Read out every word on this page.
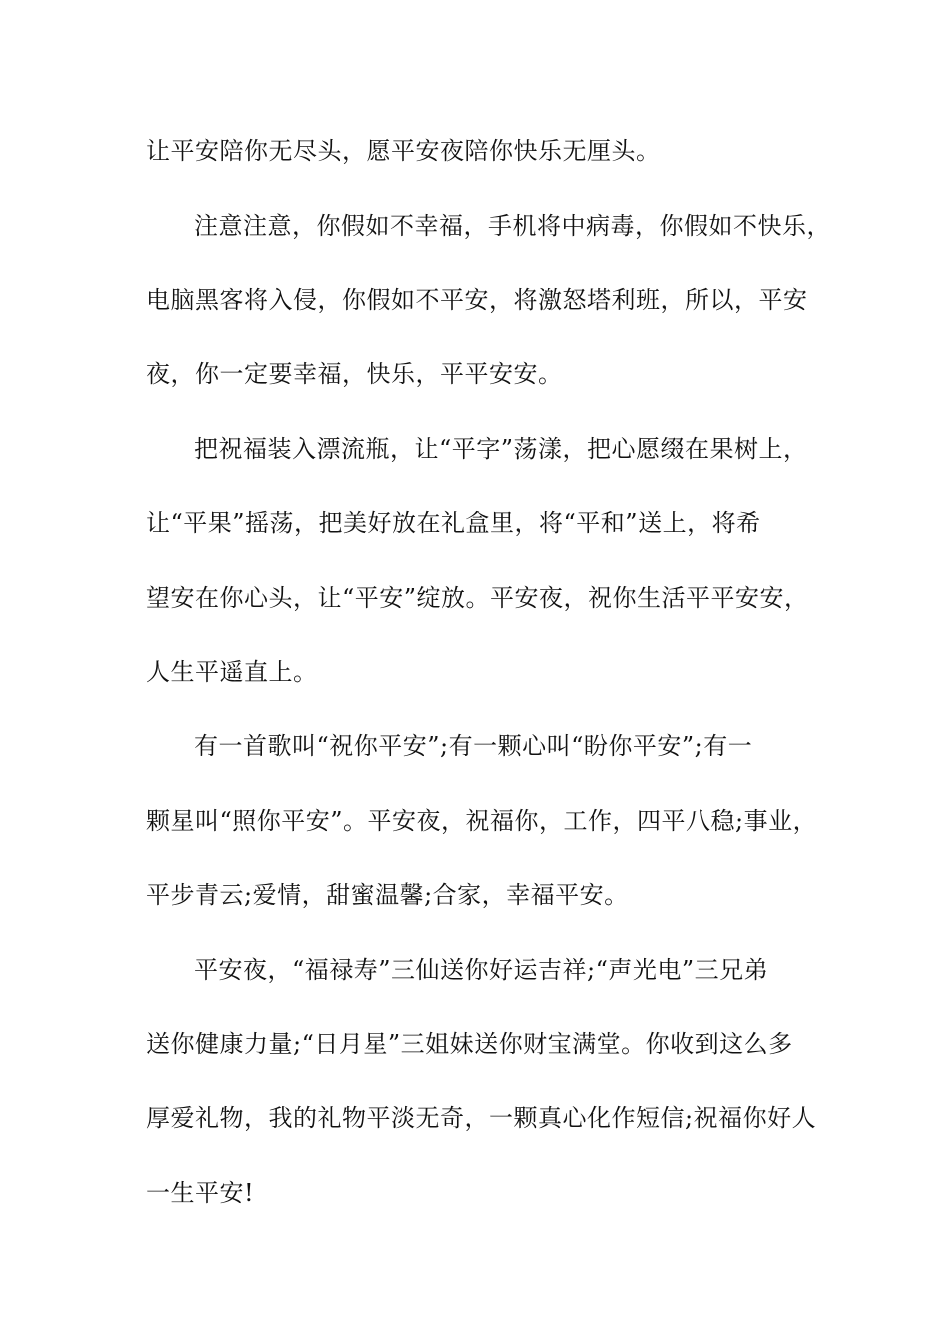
让平安陪你无尽头，愿平安夜陪你快乐无厘头。
注意注意，你假如不幸福，手机将中病毒，你假如不快乐，
电脑黑客将入侵，你假如不平安，将激怒塔利班，所以，平安
夜，你一定要幸福，快乐，平平安安。
把祝福装入漂流瓶，让“平字”荡漾，把心愿缀在果树上，
让“平果”摇荡，把美好放在礼盒里，将“平和”送上，将希
望安在你心头，让“平安”绽放。平安夜，祝你生活平平安安，
人生平遥直上。
有一首歌叫“祝你平安”;有一颗心叫“盼你平安”;有一
颗星叫“照你平安”。平安夜，祝福你，工作，四平八稳;事业，
平步青云;爱情，甜蜜温馨;合家，幸福平安。
平安夜，“福禄寿”三仙送你好运吉祥;“声光电”三兄弟
送你健康力量;“日月星”三姐妹送你财宝满堂。你收到这么多
厚爱礼物，我的礼物平淡无奇，一颗真心化作短信;祝福你好人
一生平安!
